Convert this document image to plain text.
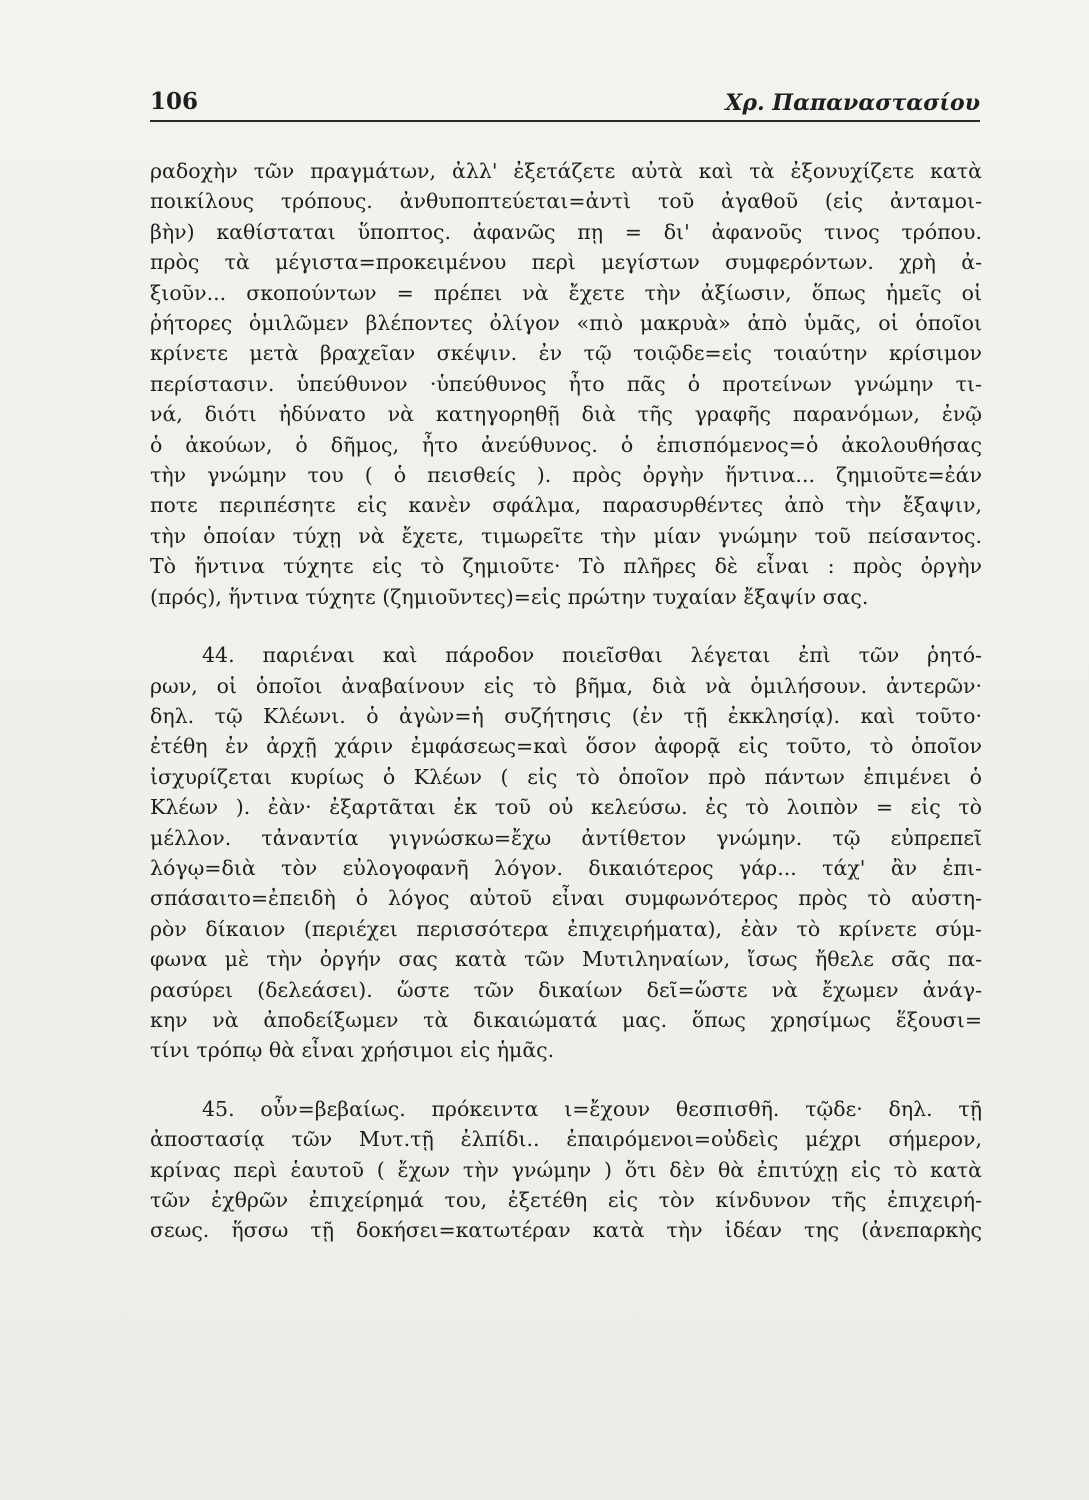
106	Χρ. Παπαναστασίου
ραδοχὴν τῶν πραγμάτων, ἀλλ' ἐξετάζετε αὐτὰ καὶ τὰ ἐξονυχίζετε κατὰ
ποικίλους τρόπους. ἀνθυποπτεύεται=ἀντὶ τοῦ ἀγαθοῦ (εἰς ἀνταμοι-
βὴν) καθίσταται ὕποπτος. ἀφανῶς πῃ = δι' ἀφανοῦς τινος τρόπου.
πρὸς τὰ μέγιστα=προκειμένου περὶ μεγίστων συμφερόντων. χρὴ ἀ-
ξιοῦν... σκοπούντων = πρέπει νὰ ἔχετε τὴν ἀξίωσιν, ὅπως ἡμεῖς οἱ
ῥήτορες ὁμιλῶμεν βλέποντες ὀλίγον «πιὸ μακρυὰ» ἀπὸ ὑμᾶς, οἱ ὁποῖοι
κρίνετε μετὰ βραχεῖαν σκέψιν. ἐν τῷ τοιῷδε=εἰς τοιαύτην κρίσιμον
περίστασιν. ὑπεύθυνον ·ὑπεύθυνος ἦτο πᾶς ὁ προτείνων γνώμην τι-
νά, διότι ἠδύνατο νὰ κατηγορηθῇ διὰ τῆς γραφῆς παρανόμων, ἐνῷ
ὁ ἀκούων, ὁ δῆμος, ἦτο ἀνεύθυνος. ὁ ἐπισπόμενος=ὁ ἀκολουθήσας
τὴν γνώμην του ( ὁ πεισθείς ). πρὸς ὀργὴν ἥντινα... ζημιοῦτε=ἐάν
ποτε περιπέσητε εἰς κανὲν σφάλμα, παρασυρθέντες ἀπὸ τὴν ἔξαψιν,
τὴν ὁποίαν τύχῃ νὰ ἔχετε, τιμωρεῖτε τὴν μίαν γνώμην τοῦ πείσαντος.
Τὸ ἥντινα τύχητε εἰς τὸ ζημιοῦτε· Τὸ πλῆρες δὲ εἶναι : πρὸς ὀργὴν
(πρός), ἥντινα τύχητε (ζημιοῦντες)=εἰς πρώτην τυχαίαν ἔξαψίν σας.
44. παριέναι καὶ πάροδον ποιεῖσθαι λέγεται ἐπὶ τῶν ῥητό-
ρων, οἱ ὁποῖοι ἀναβαίνουν εἰς τὸ βῆμα, διὰ νὰ ὁμιλήσουν. ἀντερῶν·
δηλ. τῷ Κλέωνι. ὁ ἀγὼν=ἡ συζήτησις (ἐν τῇ ἐκκλησίᾳ). καὶ τοῦτο·
ἐτέθη ἐν ἀρχῇ χάριν ἐμφάσεως=καὶ ὅσον ἀφορᾷ εἰς τοῦτο, τὸ ὁποῖον
ἰσχυρίζεται κυρίως ὁ Κλέων ( εἰς τὸ ὁποῖον πρὸ πάντων ἐπιμένει ὁ
Κλέων ). ἐὰν· ἐξαρτᾶται ἐκ τοῦ οὐ κελεύσω. ἐς τὸ λοιπὸν = εἰς τὸ
μέλλον. τἀναντία γιγνώσκω=ἔχω ἀντίθετον γνώμην. τῷ εὐπρεπεῖ
λόγῳ=διὰ τὸν εὐλογοφανῆ λόγον. δικαιότερος γάρ... τάχ' ἂν ἐπι-
σπάσαιτο=ἐπειδὴ ὁ λόγος αὐτοῦ εἶναι συμφωνότερος πρὸς τὸ αὐστη-
ρὸν δίκαιον (περιέχει περισσότερα ἐπιχειρήματα), ἐὰν τὸ κρίνετε σύμ-
φωνα μὲ τὴν ὀργήν σας κατὰ τῶν Μυτιληναίων, ἴσως ἤθελε σᾶς πα-
ρασύρει (δελεάσει). ὥστε τῶν δικαίων δεῖ=ὥστε νὰ ἔχωμεν ἀνάγ-
κην νὰ ἀποδείξωμεν τὰ δικαιώματά μας. ὅπως χρησίμως ἕξουσι=
τίνι τρόπῳ θὰ εἶναι χρήσιμοι εἰς ἡμᾶς.
45. οὖν=βεβαίως. πρόκειντα ι=ἔχουν θεσπισθῆ. τῷδε· δηλ. τῇ
ἀποστασίᾳ τῶν Μυτ.τῇ ἐλπίδι.. ἐπαιρόμενοι=οὐδεὶς μέχρι σήμερον,
κρίνας περὶ ἑαυτοῦ ( ἔχων τὴν γνώμην ) ὅτι δὲν θὰ ἐπιτύχῃ εἰς τὸ κατὰ
τῶν ἐχθρῶν ἐπιχείρημά του, ἐξετέθη εἰς τὸν κίνδυνον τῆς ἐπιχειρή-
σεως. ἥσσω τῇ δοκήσει=κατωτέραν κατὰ τὴν ἰδέαν της (ἀνεπαρκὴς
